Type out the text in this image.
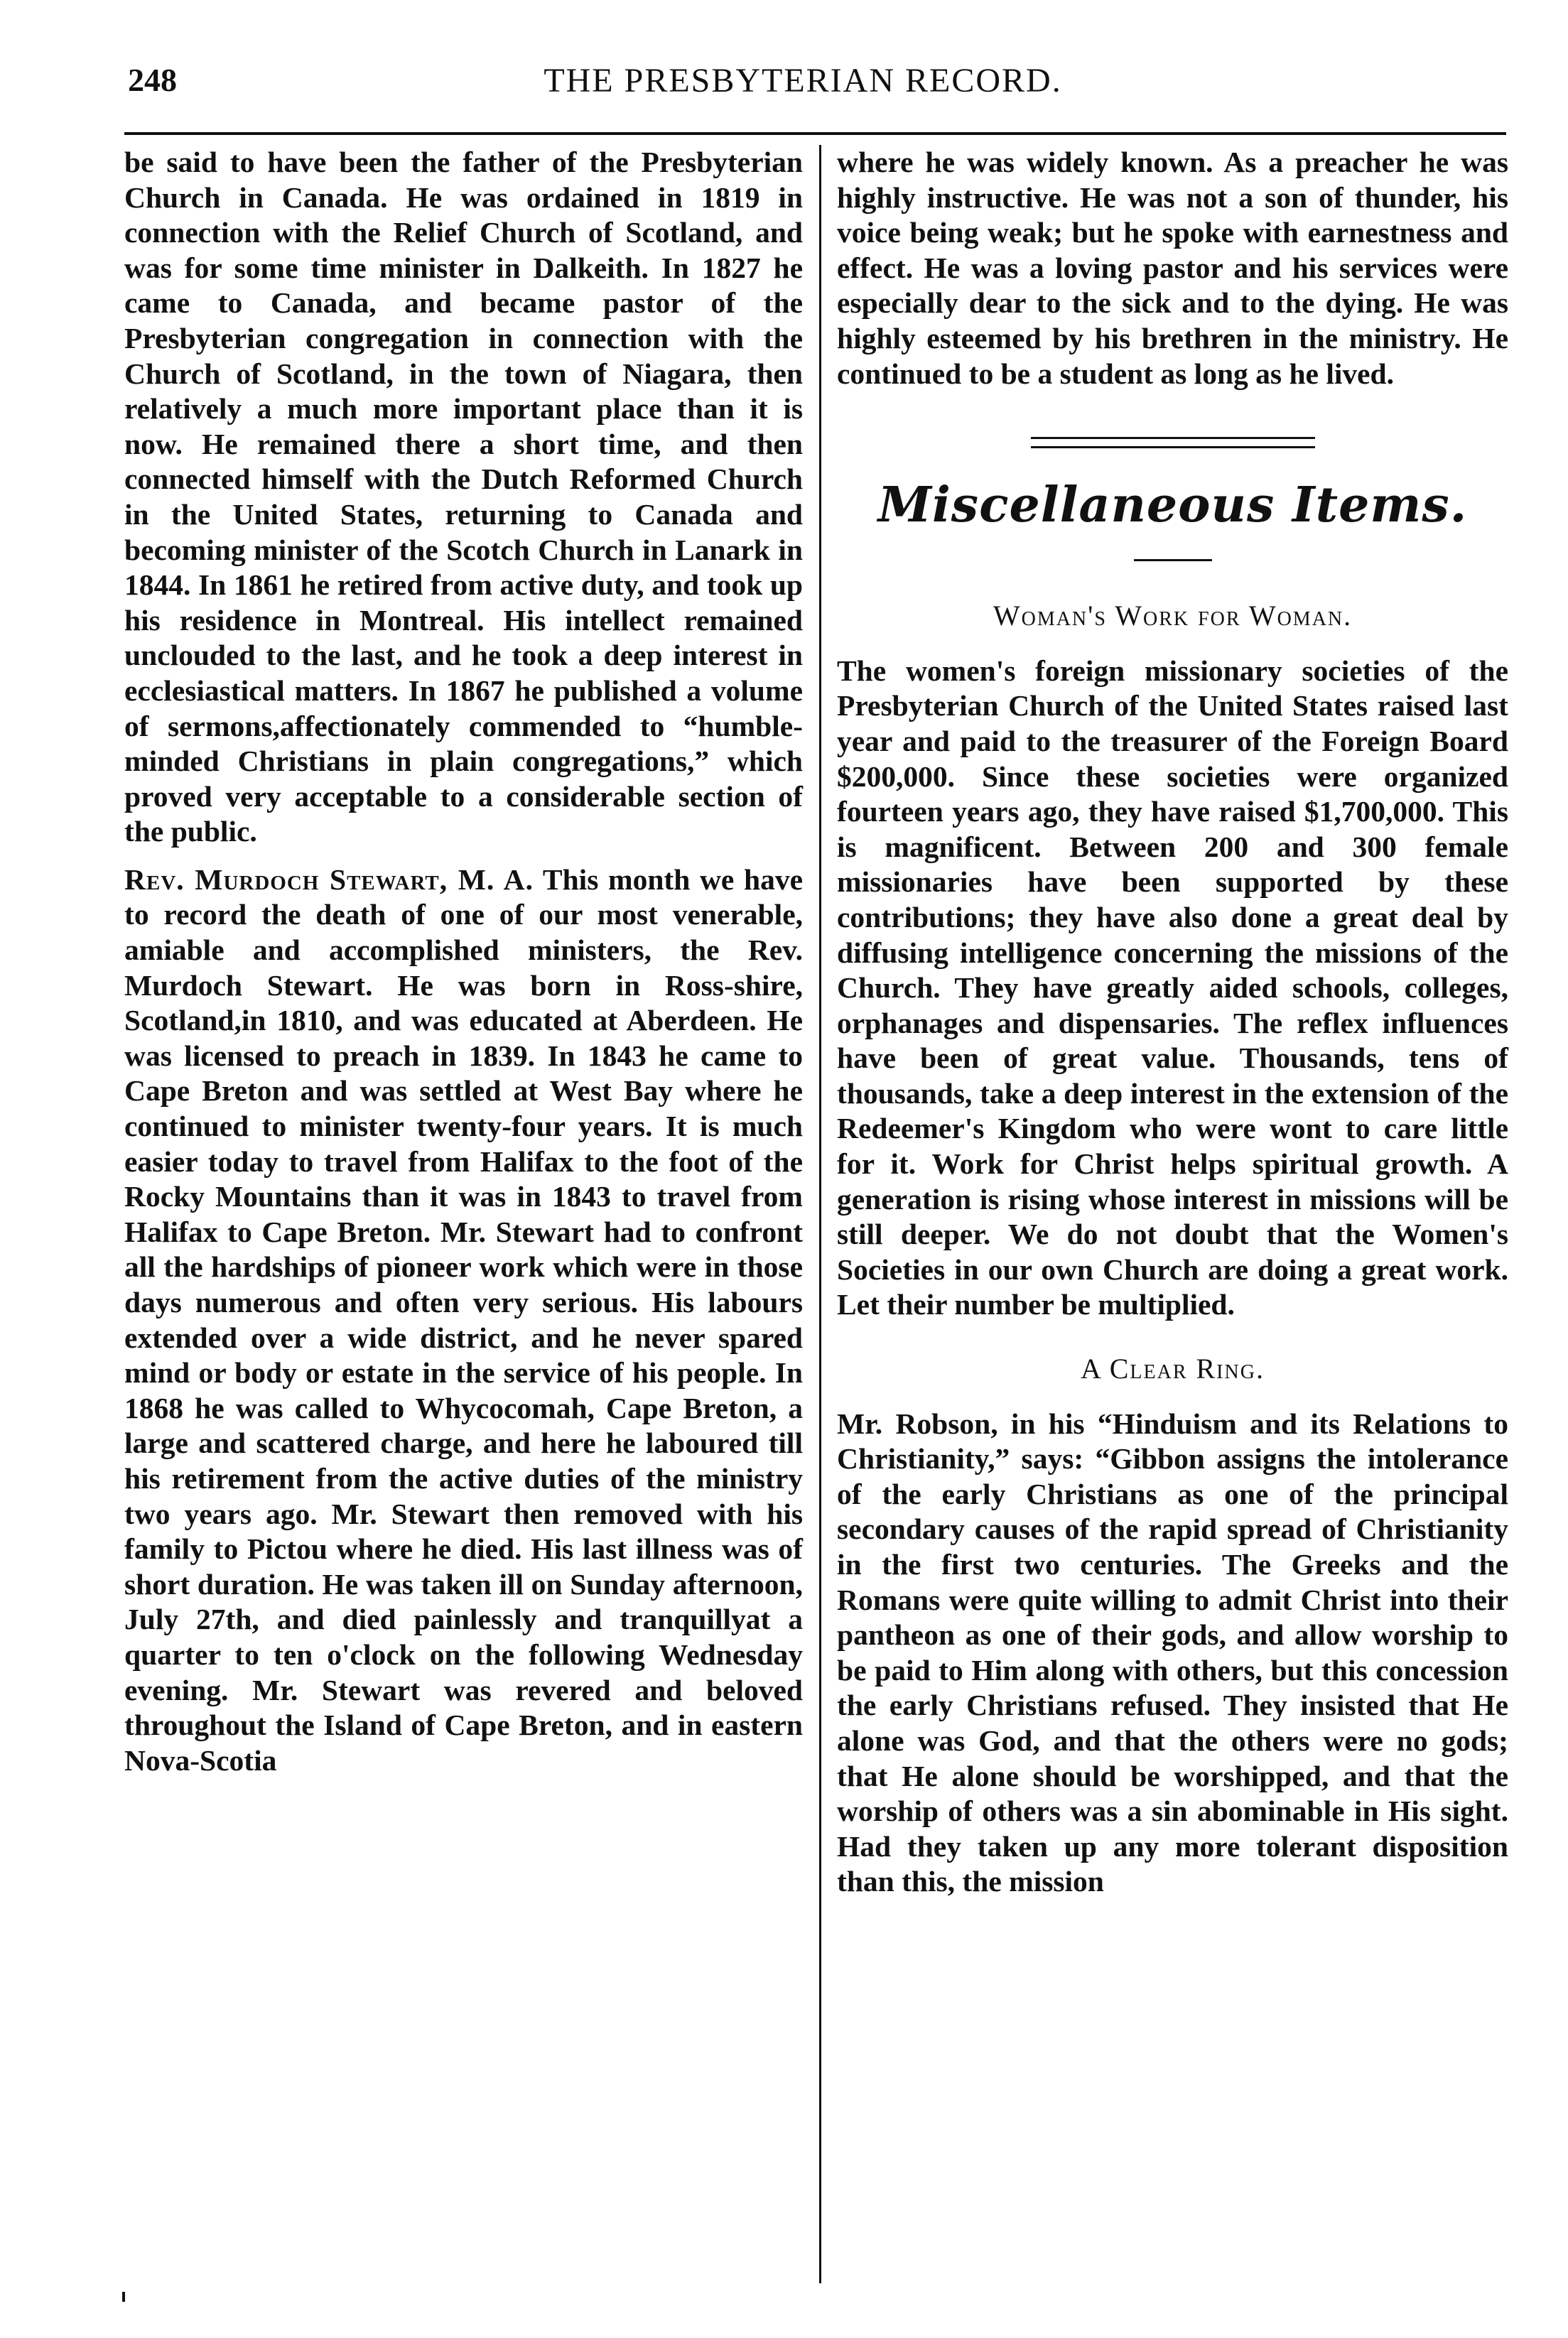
248	THE PRESBYTERIAN RECORD.

be said to have been the father of the Presbyterian Church in Canada. He was ordained in 1819 in connection with the Relief Church of Scotland, and was for some time minister in Dalkeith. In 1827 he came to Canada, and became pastor of the Presbyterian congregation in connection with the Church of Scotland, in the town of Niagara, then relatively a much more important place than it is now. He remained there a short time, and then connected himself with the Dutch Reformed Church in the United States, returning to Canada and becoming minister of the Scotch Church in Lanark in 1844. In 1861 he retired from active duty, and took up his residence in Montreal. His intellect remained unclouded to the last, and he took a deep interest in ecclesiastical matters. In 1867 he published a volume of sermons,affectionately commended to “humble-minded Christians in plain congregations,” which proved very acceptable to a considerable section of the public.

Rev. Murdoch Stewart, M. A. This month we have to record the death of one of our most venerable, amiable and accomplished ministers, the Rev. Murdoch Stewart. He was born in Ross-shire, Scotland,in 1810, and was educated at Aberdeen. He was licensed to preach in 1839. In 1843 he came to Cape Breton and was settled at West Bay where he continued to minister twenty-four years. It is much easier today to travel from Halifax to the foot of the Rocky Mountains than it was in 1843 to travel from Halifax to Cape Breton. Mr. Stewart had to confront all the hardships of pioneer work which were in those days numerous and often very serious. His labours extended over a wide district, and he never spared mind or body or estate in the service of his people. In 1868 he was called to Whycocomah, Cape Breton, a large and scattered charge, and here he laboured till his retirement from the active duties of the ministry two years ago. Mr. Stewart then removed with his family to Pictou where he died. His last illness was of short duration. He was taken ill on Sunday afternoon, July 27th, and died painlessly and tranquillyat a quarter to ten o'clock on the following Wednesday evening. Mr. Stewart was revered and beloved throughout the Island of Cape Breton, and in eastern Nova-Scotia

where he was widely known. As a preacher he was highly instructive. He was not a son of thunder, his voice being weak; but he spoke with earnestness and effect. He was a loving pastor and his services were especially dear to the sick and to the dying. He was highly esteemed by his brethren in the ministry. He continued to be a student as long as he lived.

Miscellaneous Items.
Woman's Work for Woman.

The women's foreign missionary societies of the Presbyterian Church of the United States raised last year and paid to the treasurer of the Foreign Board $200,000. Since these societies were organized fourteen years ago, they have raised $1,700,000. This is magnificent. Between 200 and 300 female missionaries have been supported by these contributions; they have also done a great deal by diffusing intelligence concerning the missions of the Church. They have greatly aided schools, colleges, orphanages and dispensaries. The reflex influences have been of great value. Thousands, tens of thousands, take a deep interest in the extension of the Redeemer's Kingdom who were wont to care little for it. Work for Christ helps spiritual growth. A generation is rising whose interest in missions will be still deeper. We do not doubt that the Women's Societies in our own Church are doing a great work. Let their number be multiplied.

A Clear Ring.

Mr. Robson, in his “Hinduism and its Relations to Christianity,” says: “Gibbon assigns the intolerance of the early Christians as one of the principal secondary causes of the rapid spread of Christianity in the first two centuries. The Greeks and the Romans were quite willing to admit Christ into their pantheon as one of their gods, and allow worship to be paid to Him along with others, but this concession the early Christians refused. They insisted that He alone was God, and that the others were no gods; that He alone should be worshipped, and that the worship of others was a sin abominable in His sight. Had they taken up any more tolerant disposition than this, the mission
